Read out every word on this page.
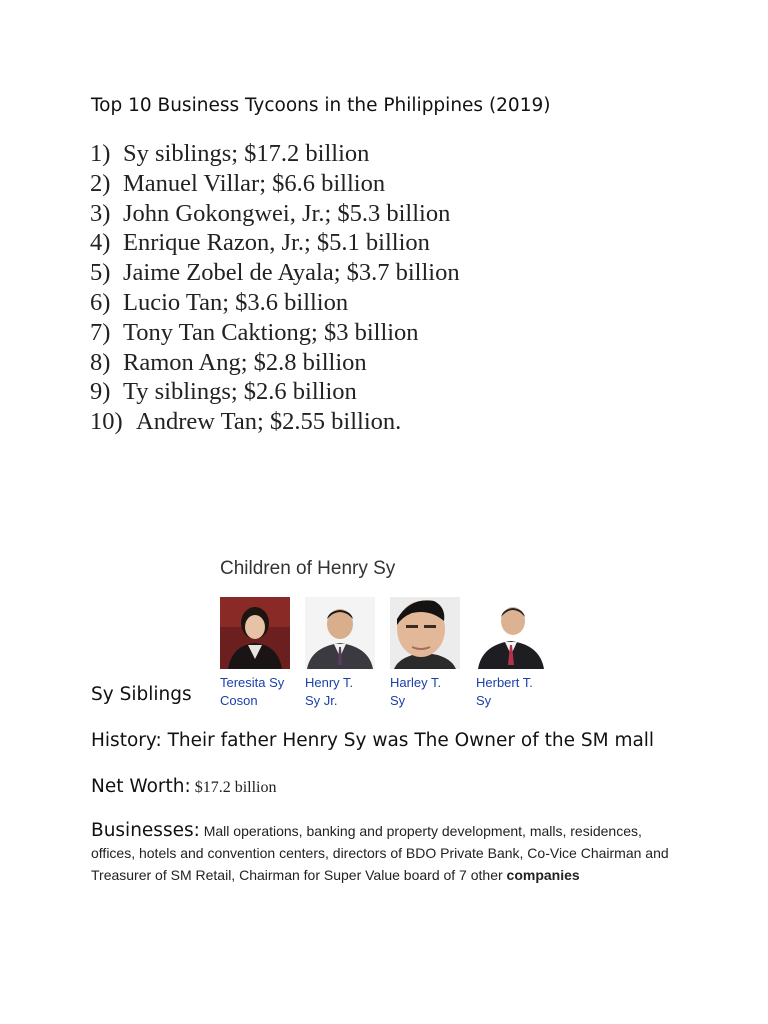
Top 10 Business Tycoons in the Philippines (2019)
1) Sy siblings; $17.2 billion
2) Manuel Villar; $6.6 billion
3) John Gokongwei, Jr.; $5.3 billion
4) Enrique Razon, Jr.; $5.1 billion
5) Jaime Zobel de Ayala; $3.7 billion
6) Lucio Tan; $3.6 billion
7) Tony Tan Caktiong; $3 billion
8) Ramon Ang; $2.8 billion
9) Ty siblings; $2.6 billion
10) Andrew Tan; $2.55 billion.
Children of Henry Sy
Teresita Sy
Coson
Henry T.
Sy Jr.
Harley T.
Sy
Herbert T.
Sy
Sy Siblings
History: Their father Henry Sy was The Owner of the SM mall
Net Worth: $17.2 billion
Businesses: Mall operations, banking and property development, malls, residences, offices, hotels and convention centers, directors of BDO Private Bank, Co-Vice Chairman and Treasurer of SM Retail, Chairman for Super Value board of 7 other companies
